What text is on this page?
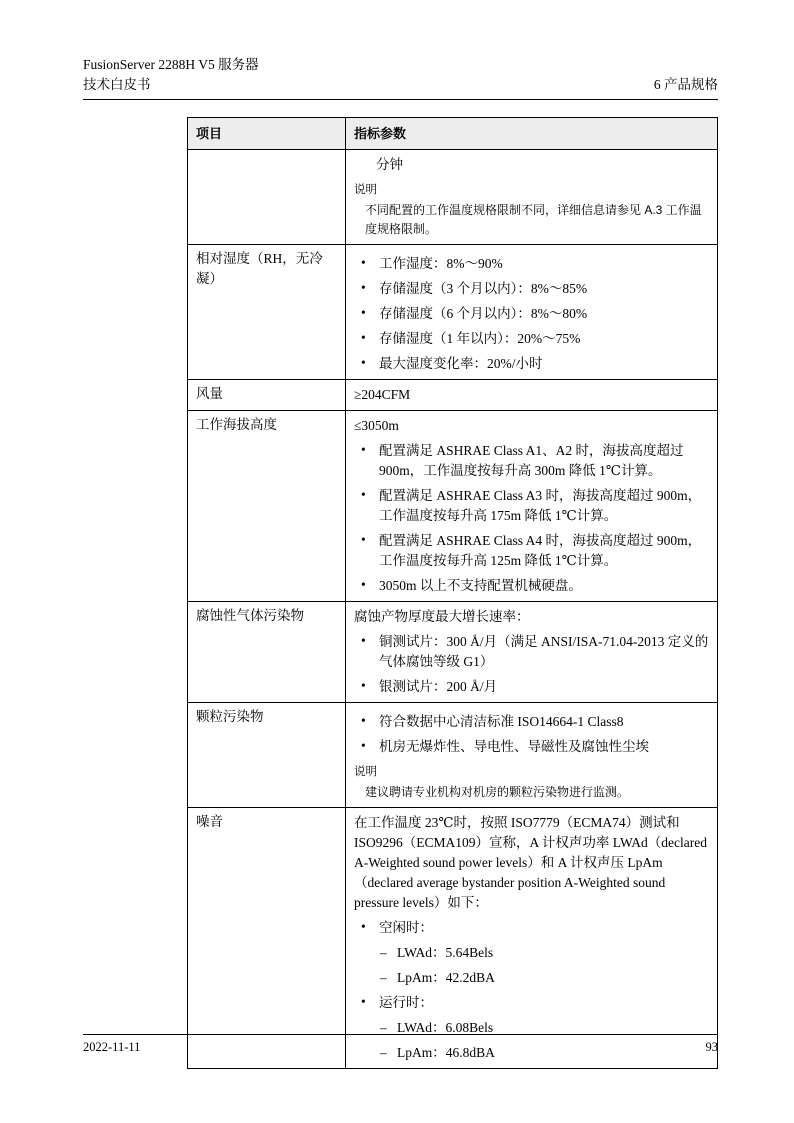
FusionServer 2288H V5 服务器
技术白皮书	6 产品规格
项目	指标参数

	分钟
说明
不同配置的工作温度规格限制不同，详细信息请参见 A.3 工作温度规格限制。

相对湿度（RH，无冷凝）	• 工作湿度：8%～90%
• 存储湿度（3 个月以内）：8%～85%
• 存储湿度（6 个月以内）：8%～80%
• 存储湿度（1 年以内）：20%～75%
• 最大湿度变化率：20%/小时

风量	≥204CFM

工作海拔高度	≤3050m
• 配置满足 ASHRAE Class A1、A2 时，海拔高度超过 900m，工作温度按每升高 300m 降低 1℃计算。
• 配置满足 ASHRAE Class A3 时，海拔高度超过 900m，工作温度按每升高 175m 降低 1℃计算。
• 配置满足 ASHRAE Class A4 时，海拔高度超过 900m，工作温度按每升高 125m 降低 1℃计算。
• 3050m 以上不支持配置机械硬盘。

腐蚀性气体污染物	腐蚀产物厚度最大增长速率：
• 铜测试片：300 Å/月（满足 ANSI/ISA-71.04-2013 定义的气体腐蚀等级 G1）
• 银测试片：200 Å/月

颗粒污染物	• 符合数据中心清洁标准 ISO14664-1 Class8
• 机房无爆炸性、导电性、导磁性及腐蚀性尘埃
说明
建议聘请专业机构对机房的颗粒污染物进行监测。

噪音	在工作温度 23℃时，按照 ISO7779（ECMA74）测试和 ISO9296（ECMA109）宣称，A 计权声功率 LWAd（declared A-Weighted sound power levels）和 A 计权声压 LpAm（declared average bystander position A-Weighted sound pressure levels）如下：
• 空闲时：
– LWAd：5.64Bels
– LpAm：42.2dBA
• 运行时：
– LWAd：6.08Bels
– LpAm：46.8dBA
2022-11-11	93
